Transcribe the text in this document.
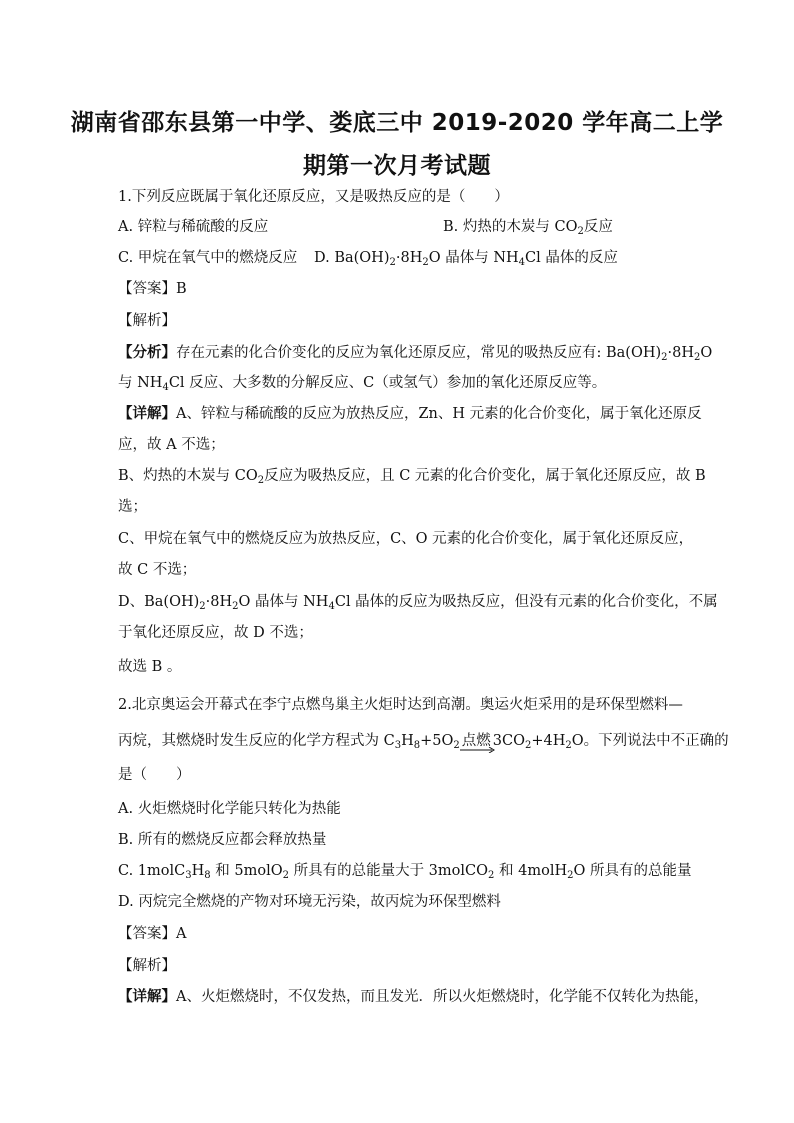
湖南省邵东县第一中学、娄底三中 2019-2020 学年高二上学
期第一次月考试题
1.下列反应既属于氧化还原反应，又是吸热反应的是（　　）
A. 锌粒与稀硫酸的反应	B. 灼热的木炭与 $CO_2$反应
C. 甲烷在氧气中的燃烧反应 D. $Ba(OH)_2\cdot 8H_2O$ 晶体与 $NH_4Cl$ 晶体的反应
【答案】B
【解析】
【分析】存在元素的化合价变化的反应为氧化还原反应，常见的吸热反应有: $Ba(OH)_2\cdot 8H_2O$
与 $NH_4Cl$ 反应、大多数的分解反应、C（或氢气）参加的氧化还原反应等。
【详解】A、锌粒与稀硫酸的反应为放热反应，Zn、H 元素的化合价变化，属于氧化还原反
应，故 A 不选；
B、灼热的木炭与 $CO_2$反应为吸热反应，且 C 元素的化合价变化，属于氧化还原反应，故 B
选；
C、甲烷在氧气中的燃烧反应为放热反应，C、O 元素的化合价变化，属于氧化还原反应，
故 C 不选；
D、$Ba(OH)_2\cdot 8H_2O$ 晶体与 $NH_4Cl$ 晶体的反应为吸热反应，但没有元素的化合价变化，不属
于氧化还原反应，故 D 不选；
故选 B 。
2.北京奥运会开幕式在李宁点燃鸟巢主火炬时达到高潮。奥运火炬采用的是环保型燃料—
丙烷，其燃烧时发生反应的化学方程式为 $C_3H_8+5O_2$ 点燃 $3CO_2+4H_2O$。下列说法中不正确的
是（　　）
A. 火炬燃烧时化学能只转化为热能
B. 所有的燃烧反应都会释放热量
C. $1molC_3H_8$ 和 5molO$_2$ 所具有的总能量大于 3molCO$_2$ 和 4molH$_2$O 所具有的总能量
D. 丙烷完全燃烧的产物对环境无污染，故丙烷为环保型燃料
【答案】A
【解析】
【详解】A、火炬燃烧时，不仅发热，而且发光．所以火炬燃烧时，化学能不仅转化为热能，
